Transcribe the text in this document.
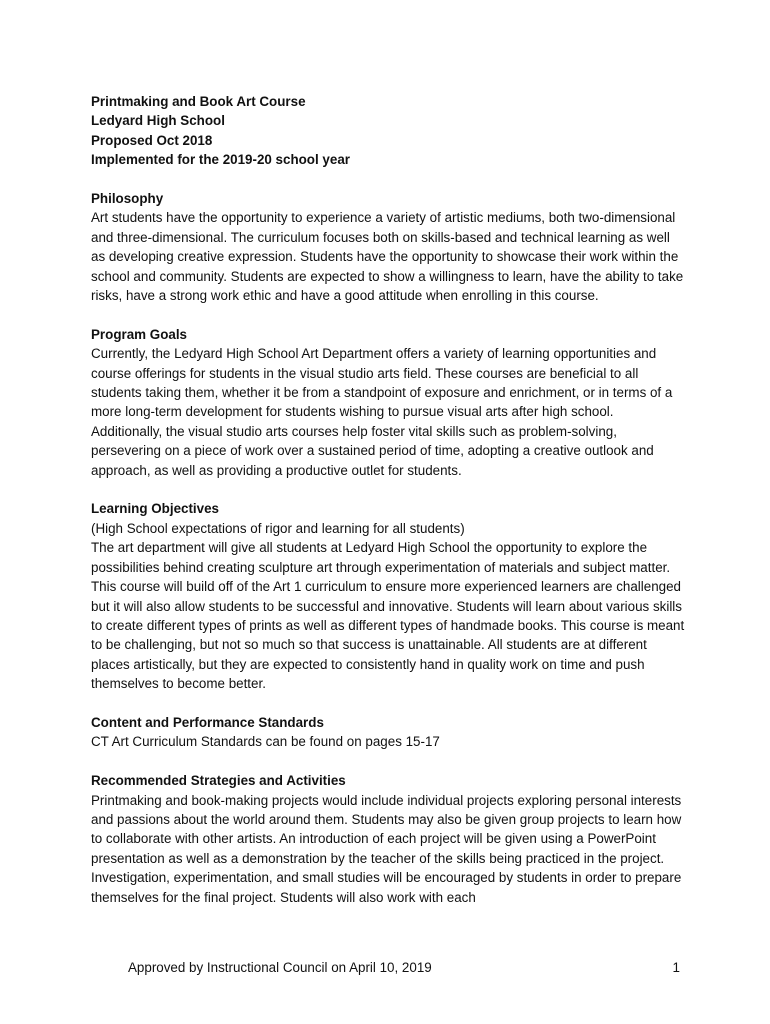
Printmaking and Book Art Course
Ledyard High School
Proposed Oct 2018
Implemented for the 2019-20 school year
Philosophy

Art students have the opportunity to experience a variety of artistic mediums, both two-dimensional and three-dimensional. The curriculum focuses both on skills-based and technical learning as well as developing creative expression. Students have the opportunity to showcase their work within the school and community. Students are expected to show a willingness to learn, have the ability to take risks, have a strong work ethic and have a good attitude when enrolling in this course.

Program Goals

Currently, the Ledyard High School Art Department offers a variety of learning opportunities and course offerings for students in the visual studio arts field. These courses are beneficial to all students taking them, whether it be from a standpoint of exposure and enrichment, or in terms of a more long-term development for students wishing to pursue visual arts after high school. Additionally, the visual studio arts courses help foster vital skills such as problem-solving, persevering on a piece of work over a sustained period of time, adopting a creative outlook and approach, as well as providing a productive outlet for students.

Learning Objectives
(High School expectations of rigor and learning for all students)

The art department will give all students at Ledyard High School the opportunity to explore the possibilities behind creating sculpture art through experimentation of materials and subject matter. This course will build off of the Art 1 curriculum to ensure more experienced learners are challenged but it will also allow students to be successful and innovative. Students will learn about various skills to create different types of prints as well as different types of handmade books. This course is meant to be challenging, but not so much so that success is unattainable. All students are at different places artistically, but they are expected to consistently hand in quality work on time and push themselves to become better.

Content and Performance Standards

CT Art Curriculum Standards can be found on pages 15-17

Recommended Strategies and Activities

Printmaking and book-making projects would include individual projects exploring personal interests and passions about the world around them. Students may also be given group projects to learn how to collaborate with other artists. An introduction of each project will be given using a PowerPoint presentation as well as a demonstration by the teacher of the skills being practiced in the project. Investigation, experimentation, and small studies will be encouraged by students in order to prepare themselves for the final project. Students will also work with each

Approved by Instructional Council on April 10, 2019	1
